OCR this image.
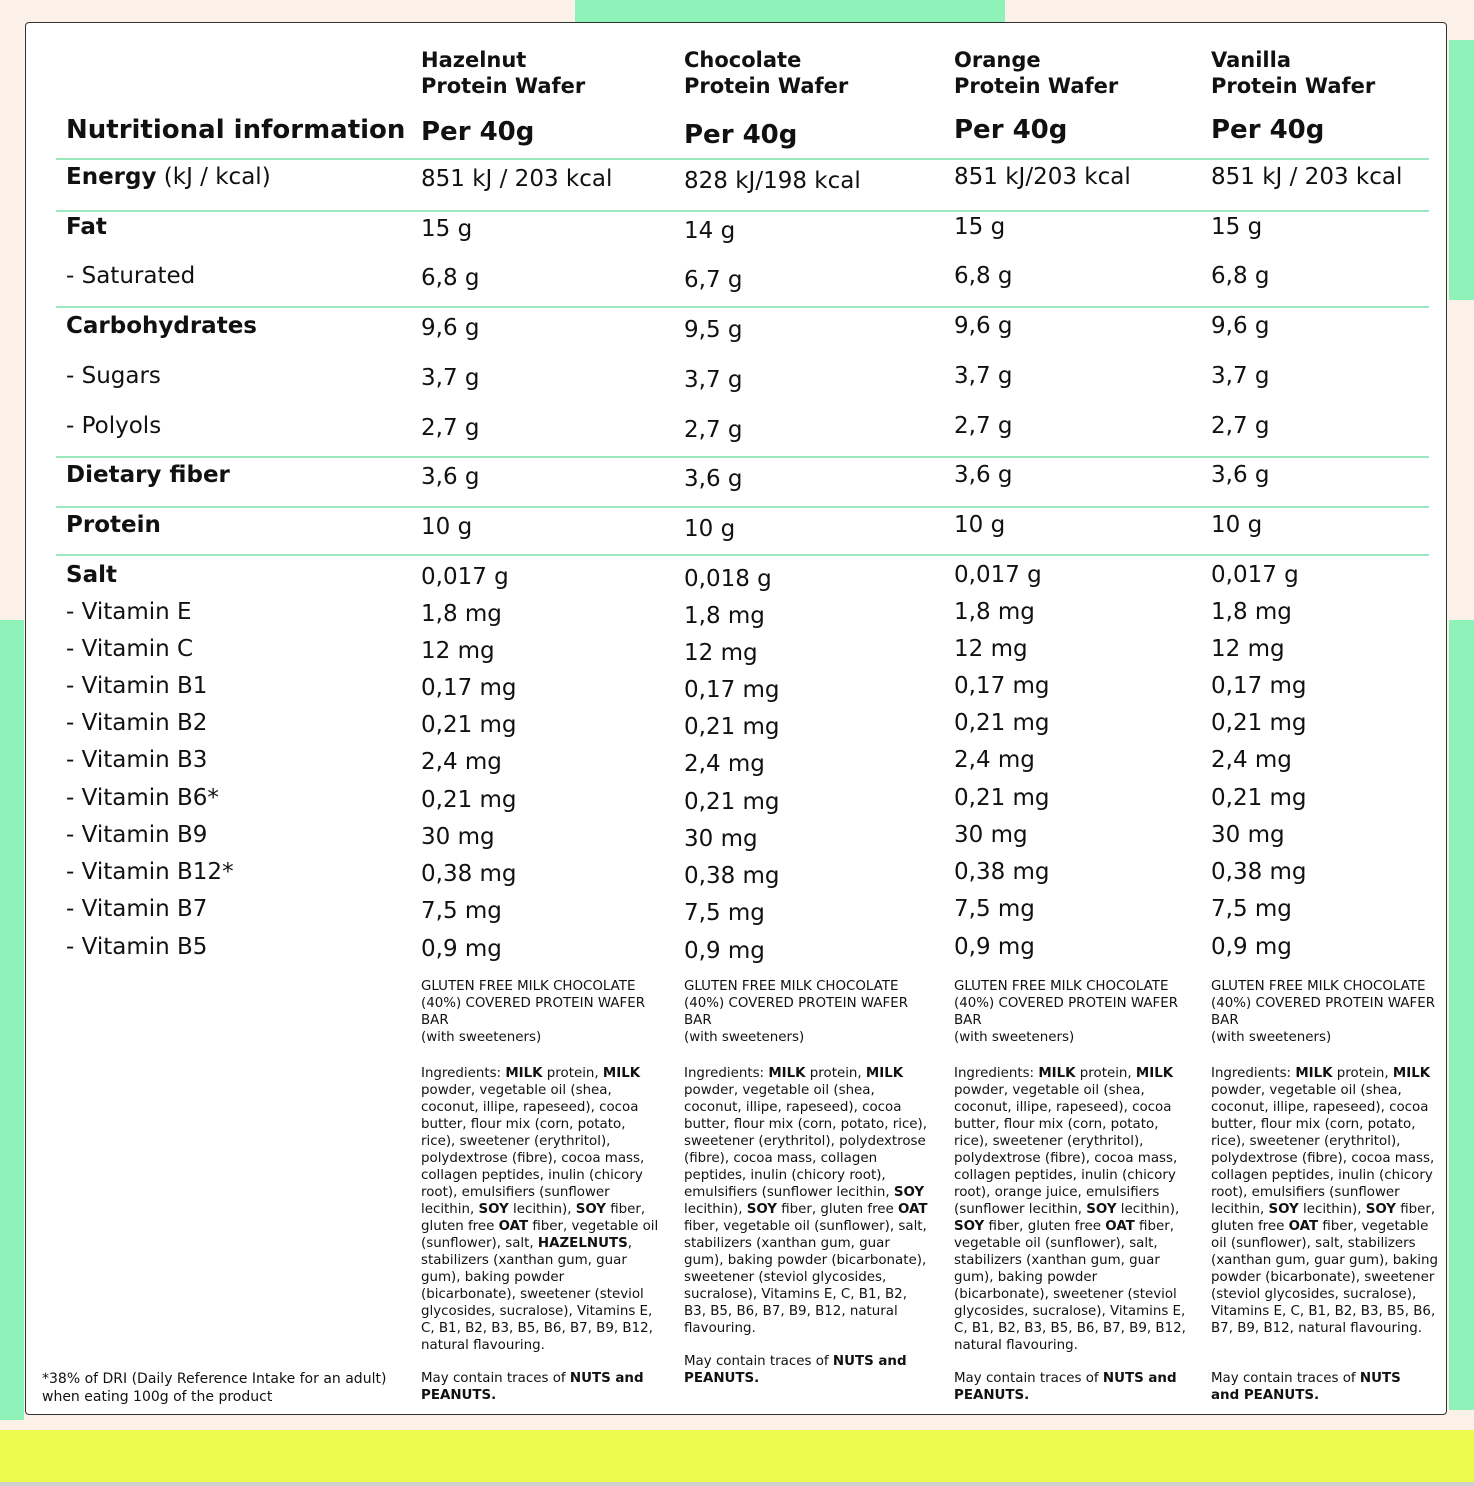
Nutritional information
Energy (kJ / kcal)
Fat
- Saturated
Carbohydrates
- Sugars
- Polyols
Dietary fiber
Protein
Salt
- Vitamin E
- Vitamin C
- Vitamin B1
- Vitamin B2
- Vitamin B3
- Vitamin B6*
- Vitamin B9
- Vitamin B12*
- Vitamin B7
- Vitamin B5
Hazelnut
Protein Wafer
Per 40g
851 kJ / 203 kcal
15 g
6,8 g
9,6 g
3,7 g
2,7 g
3,6 g
10 g
0,017 g
1,8 mg
12 mg
0,17 mg
0,21 mg
2,4 mg
0,21 mg
30 mg
0,38 mg
7,5 mg
0,9 mg
GLUTEN FREE MILK CHOCOLATE (40%) COVERED PROTEIN WAFER BAR
(with sweeteners)
Ingredients: MILK protein, MILK powder, vegetable oil (shea, coconut, illipe, rapeseed), cocoa butter, flour mix (corn, potato, rice), sweetener (erythritol), polydextrose (fibre), cocoa mass, collagen peptides, inulin (chicory root), emulsifiers (sunflower lecithin, SOY lecithin), SOY fiber, gluten free OAT fiber, vegetable oil (sunflower), salt, HAZELNUTS, stabilizers (xanthan gum, guar gum), baking powder (bicarbonate), sweetener (steviol glycosides, sucralose), Vitamins E, C, B1, B2, B3, B5, B6, B7, B9, B12, natural flavouring.
May contain traces of NUTS and PEANUTS.
Chocolate
Protein Wafer
Per 40g
828 kJ/198 kcal
14 g
6,7 g
9,5 g
3,7 g
2,7 g
3,6 g
10 g
0,018 g
1,8 mg
12 mg
0,17 mg
0,21 mg
2,4 mg
0,21 mg
30 mg
0,38 mg
7,5 mg
0,9 mg
GLUTEN FREE MILK CHOCOLATE (40%) COVERED PROTEIN WAFER BAR
(with sweeteners)
Ingredients: MILK protein, MILK powder, vegetable oil (shea, coconut, illipe, rapeseed), cocoa butter, flour mix (corn, potato, rice), sweetener (erythritol), polydextrose (fibre), cocoa mass, collagen peptides, inulin (chicory root), emulsifiers (sunflower lecithin, SOY lecithin), SOY fiber, gluten free OAT fiber, vegetable oil (sunflower), salt, stabilizers (xanthan gum, guar gum), baking powder (bicarbonate), sweetener (steviol glycosides, sucralose), Vitamins E, C, B1, B2, B3, B5, B6, B7, B9, B12, natural flavouring.
May contain traces of NUTS and PEANUTS.
Orange
Protein Wafer
Per 40g
851 kJ/203 kcal
15 g
6,8 g
9,6 g
3,7 g
2,7 g
3,6 g
10 g
0,017 g
1,8 mg
12 mg
0,17 mg
0,21 mg
2,4 mg
0,21 mg
30 mg
0,38 mg
7,5 mg
0,9 mg
GLUTEN FREE MILK CHOCOLATE (40%) COVERED PROTEIN WAFER BAR
(with sweeteners)
Ingredients: MILK protein, MILK powder, vegetable oil (shea, coconut, illipe, rapeseed), cocoa butter, flour mix (corn, potato, rice), sweetener (erythritol), polydextrose (fibre), cocoa mass, collagen peptides, inulin (chicory root), orange juice, emulsifiers (sunflower lecithin, SOY lecithin), SOY fiber, gluten free OAT fiber, vegetable oil (sunflower), salt, stabilizers (xanthan gum, guar gum), baking powder (bicarbonate), sweetener (steviol glycosides, sucralose), Vitamins E, C, B1, B2, B3, B5, B6, B7, B9, B12, natural flavouring.
May contain traces of NUTS and PEANUTS.
Vanilla
Protein Wafer
Per 40g
851 kJ / 203 kcal
15 g
6,8 g
9,6 g
3,7 g
2,7 g
3,6 g
10 g
0,017 g
1,8 mg
12 mg
0,17 mg
0,21 mg
2,4 mg
0,21 mg
30 mg
0,38 mg
7,5 mg
0,9 mg
GLUTEN FREE MILK CHOCOLATE (40%) COVERED PROTEIN WAFER BAR
(with sweeteners)
Ingredients: MILK protein, MILK powder, vegetable oil (shea, coconut, illipe, rapeseed), cocoa butter, flour mix (corn, potato, rice), sweetener (erythritol), polydextrose (fibre), cocoa mass, collagen peptides, inulin (chicory root), emulsifiers (sunflower lecithin, SOY lecithin), SOY fiber, gluten free OAT fiber, vegetable oil (sunflower), salt, stabilizers (xanthan gum, guar gum), baking powder (bicarbonate), sweetener (steviol glycosides, sucralose), Vitamins E, C, B1, B2, B3, B5, B6, B7, B9, B12, natural flavouring.
May contain traces of NUTS and PEANUTS.
*38% of DRI (Daily Reference Intake for an adult) when eating 100g of the product
